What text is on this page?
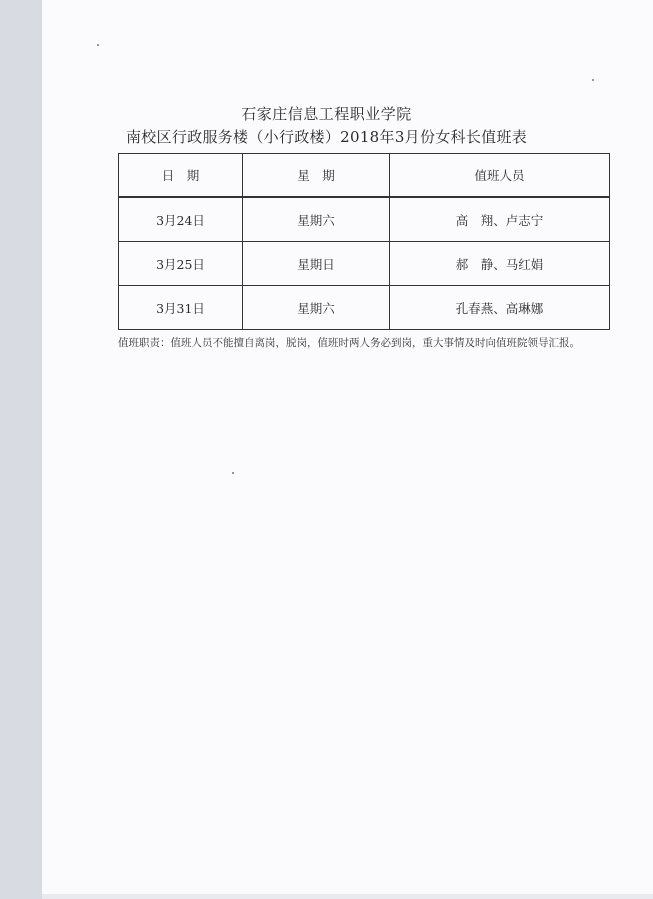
石家庄信息工程职业学院
南校区行政服务楼（小行政楼）2018年3月份女科长值班表
日　期	星　期	值班人员
3月24日	星期六	高　翔、卢志宁
3月25日	星期日	郝　静、马红娟
3月31日	星期六	孔春燕、高琳娜
值班职责：值班人员不能擅自离岗，脱岗，值班时两人务必到岗，重大事情及时向值班院领导汇报。
